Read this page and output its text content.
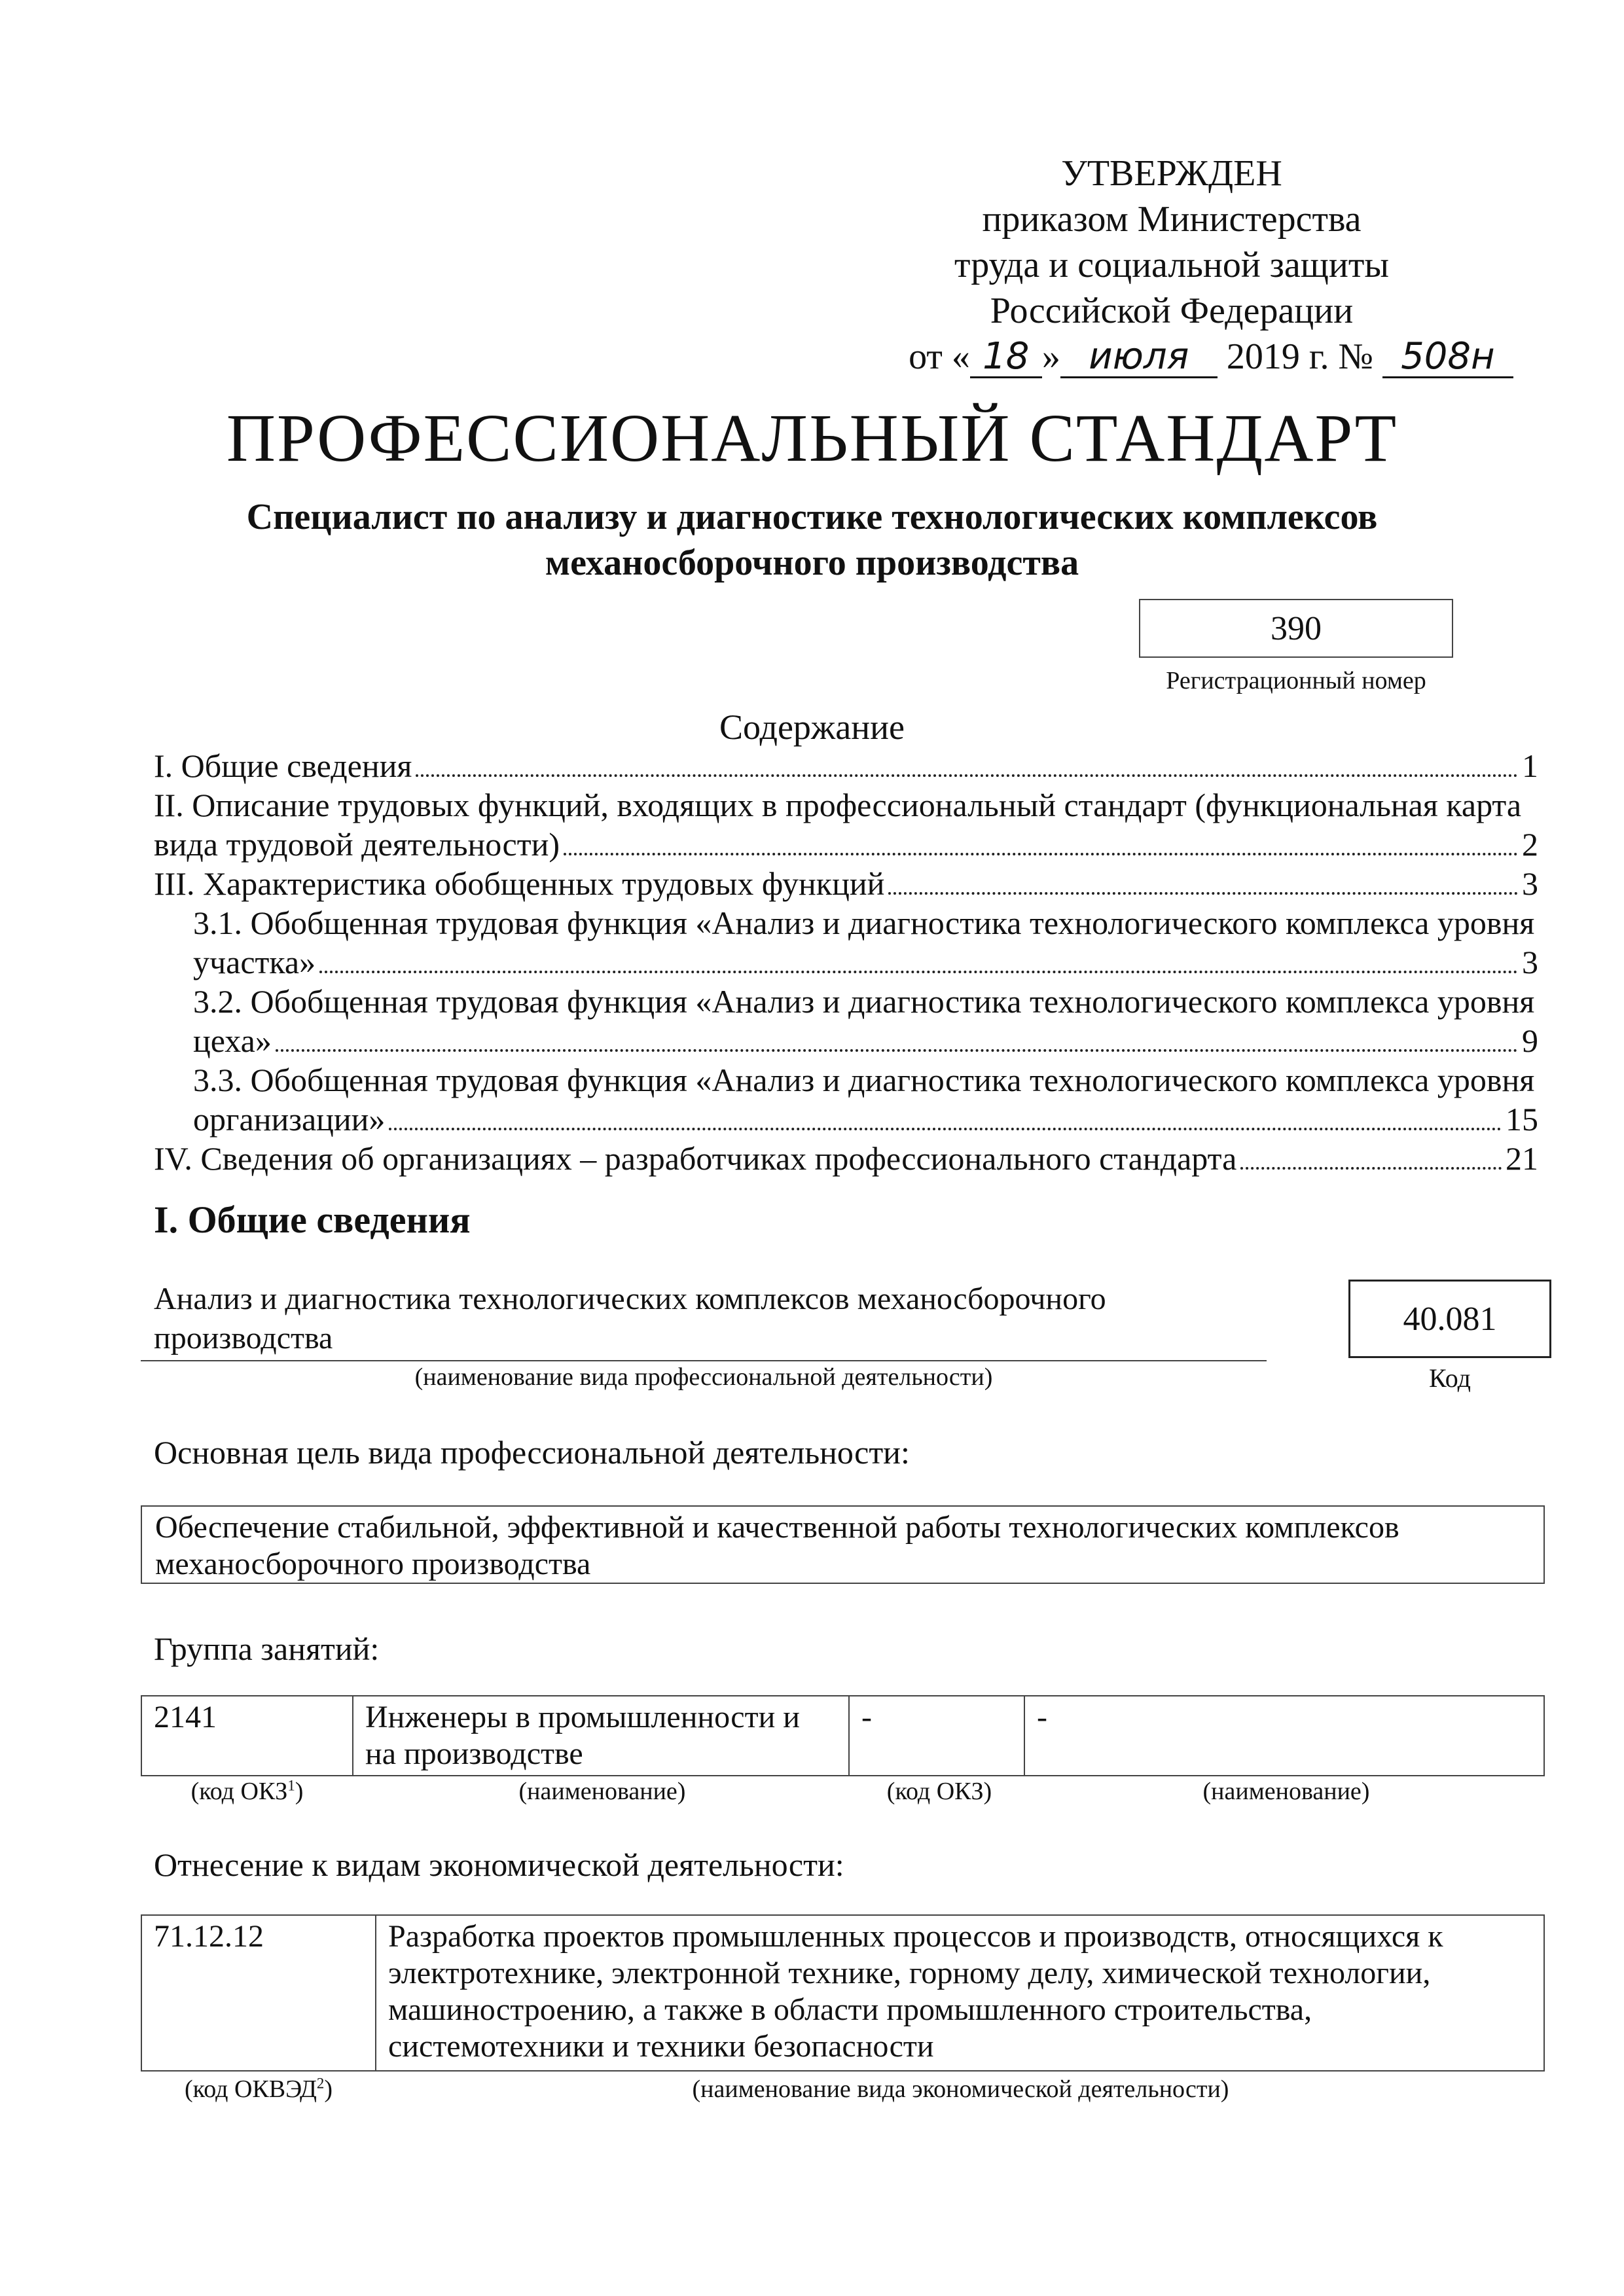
УТВЕРЖДЕН
приказом Министерства
труда и социальной защиты
Российской Федерации
от « 18 » июля 2019 г. № 508н
ПРОФЕССИОНАЛЬНЫЙ СТАНДАРТ
Специалист по анализу и диагностике технологических комплексов
механосборочного производства
390
Регистрационный номер
Содержание
I. Общие сведения	1
II. Описание трудовых функций, входящих в профессиональный стандарт (функциональная карта
вида трудовой деятельности)	2
III. Характеристика обобщенных трудовых функций	3
3.1. Обобщенная трудовая функция «Анализ и диагностика технологического комплекса уровня
участка»	3
3.2. Обобщенная трудовая функция «Анализ и диагностика технологического комплекса уровня
цеха»	9
3.3. Обобщенная трудовая функция «Анализ и диагностика технологического комплекса уровня
организации»	15
IV. Сведения об организациях – разработчиках профессионального стандарта	21
I. Общие сведения
Анализ и диагностика технологических комплексов механосборочного
производства
(наименование вида профессиональной деятельности)
40.081
Код
Основная цель вида профессиональной деятельности:
Обеспечение стабильной, эффективной и качественной работы технологических комплексов
механосборочного производства
Группа занятий:
2141	Инженеры в промышленности и
на производстве
	-	-
(код ОКЗ$^1$)	(наименование)	(код ОКЗ)	(наименование)
Отнесение к видам экономической деятельности:
71.12.12	Разработка проектов промышленных процессов и производств, относящихся к
электротехнике, электронной технике, горному делу, химической технологии,
машиностроению, а также в области промышленного строительства,
системотехники и техники безопасности
(код ОКВЭД$^2$)	(наименование вида экономической деятельности)
